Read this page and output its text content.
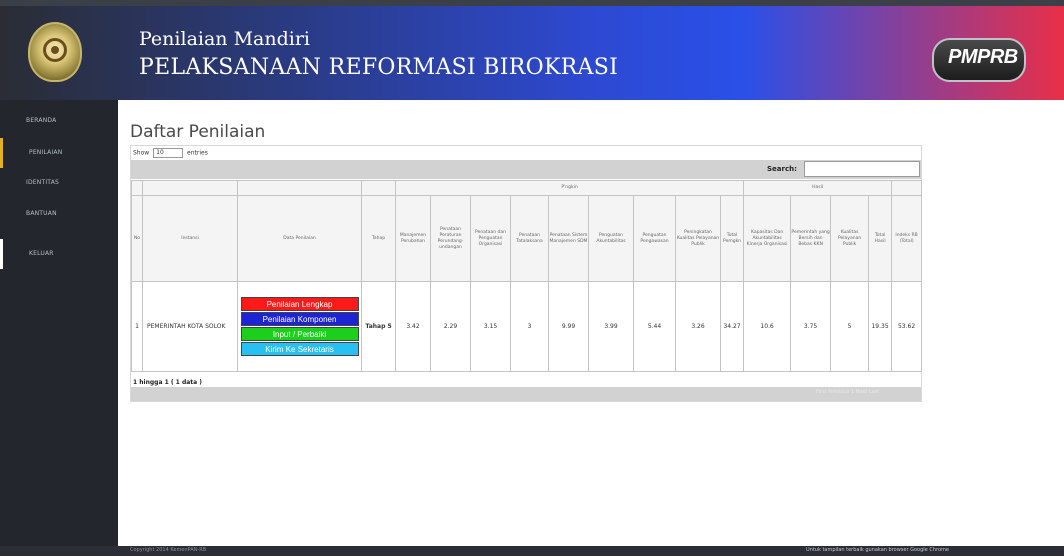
Penilaian Mandiri
PELAKSANAAN REFORMASI BIROKRASI	PMPRB
BERANDA
PENILAIAN
IDENTITAS
BANTUAN
KELUAR
Daftar Penilaian
Show 10	entries
Search:
				P'ngkin									Hasil				
No	Instansi	Data Penilaian	Tahap	Manajemen Perubahan	Penataan Peraturan Perundang-undangan	Penataan dan Penguatan Organisasi	Penataan Tatalaksana	Penataan Sistem Manajemen SDM	Penguatan Akuntabilitas	Penguatan Pengawasan	Peningkatan Kualitas Pelayanan Publik	Total Pemgkn	Kapasitas Dan Akuntabilitas Kinerja Organisasi	Pemerintah yang Bersih dan Bebas KKN	Kualitas Pelayanan Publik	Total Hasil	Indeks RB (Total)
1	PEMERINTAH KOTA SOLOK	Penilaian Lengkap
Penilaian Komponen
Input / Perbaiki
Kirim Ke Sekretaris	Tahap 5	3.42	2.29	3.15	3	9.99	3.99	5.44	3.26	34.27	10.6	3.75	5	19.35	53.62
1 hingga 1 ( 1 data )
First Previous 1 Next Last
Copyright 2014 KemenPAN-RB	Untuk tampilan terbaik gunakan browser Google Chrome
